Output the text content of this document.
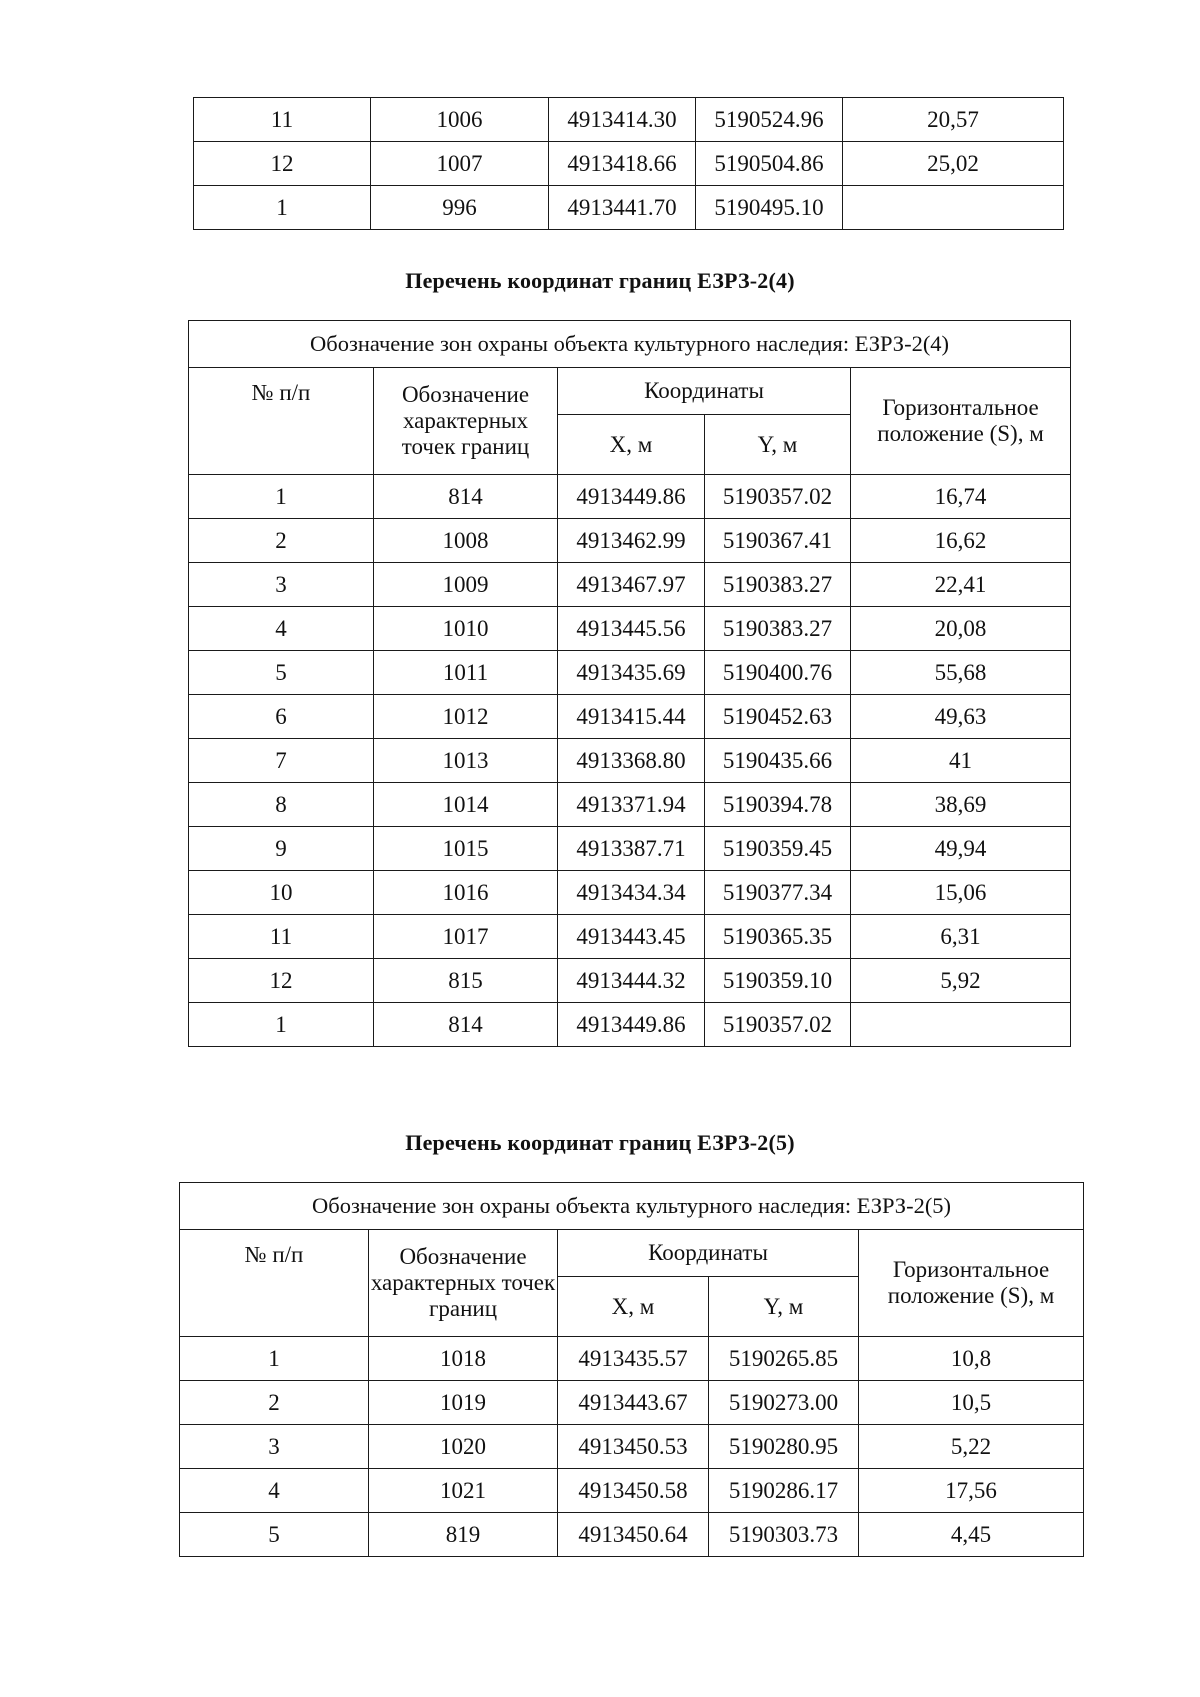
11	1006	4913414.30	5190524.96	20,57
12	1007	4913418.66	5190504.86	25,02
1	996	4913441.70	5190495.10	
Перечень координат границ ЕЗРЗ-2(4)
Обозначение зон охраны объекта культурного наследия: ЕЗРЗ-2(4)				
№ п/п	Обозначение характерных точек границ	Координаты		Горизонтальное положение (S), м
		X, м	Y, м	
1	814	4913449.86	5190357.02	16,74
2	1008	4913462.99	5190367.41	16,62
3	1009	4913467.97	5190383.27	22,41
4	1010	4913445.56	5190383.27	20,08
5	1011	4913435.69	5190400.76	55,68
6	1012	4913415.44	5190452.63	49,63
7	1013	4913368.80	5190435.66	41
8	1014	4913371.94	5190394.78	38,69
9	1015	4913387.71	5190359.45	49,94
10	1016	4913434.34	5190377.34	15,06
11	1017	4913443.45	5190365.35	6,31
12	815	4913444.32	5190359.10	5,92
1	814	4913449.86	5190357.02	
Перечень координат границ ЕЗРЗ-2(5)
Обозначение зон охраны объекта культурного наследия: ЕЗРЗ-2(5)				
№ п/п	Обозначение характерных точек границ	Координаты		Горизонтальное положение (S), м
		X, м	Y, м	
1	1018	4913435.57	5190265.85	10,8
2	1019	4913443.67	5190273.00	10,5
3	1020	4913450.53	5190280.95	5,22
4	1021	4913450.58	5190286.17	17,56
5	819	4913450.64	5190303.73	4,45
